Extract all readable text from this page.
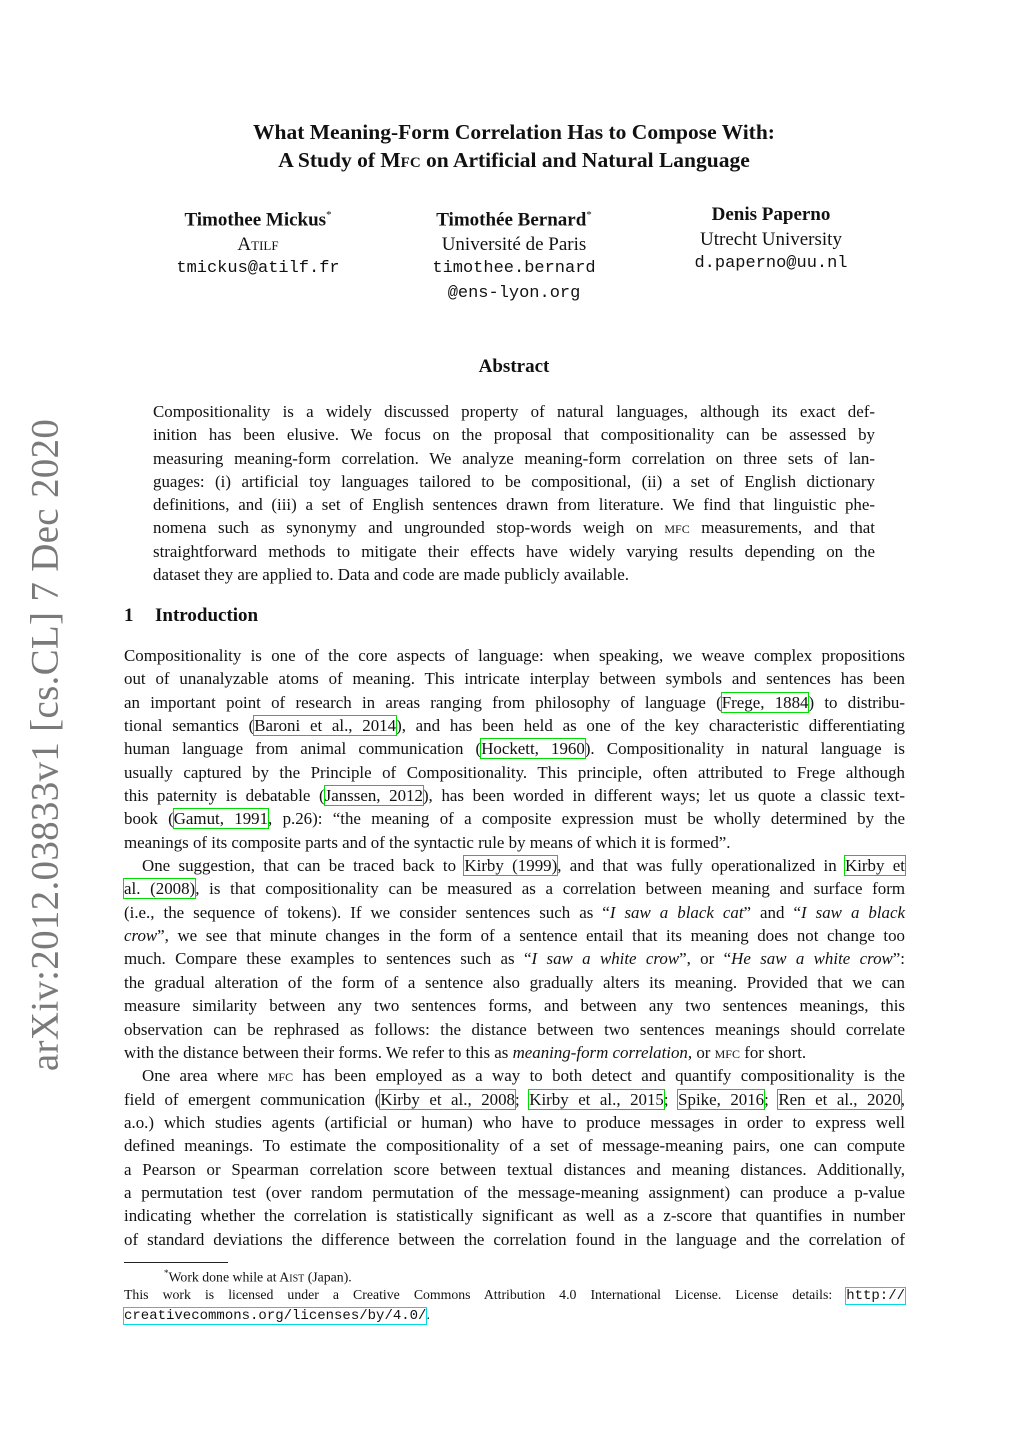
arXiv:2012.03833v1 [cs.CL] 7 Dec 2020
What Meaning-Form Correlation Has to Compose With:
A Study of Mfc on Artificial and Natural Language
Timothee Mickus*
Atilf
tmickus@atilf.fr
Timothée Bernard*
Université de Paris
timothee.bernard
@ens-lyon.org
Denis Paperno
Utrecht University
d.paperno@uu.nl
Abstract
Compositionality is a widely discussed property of natural languages, although its exact def-
inition has been elusive. We focus on the proposal that compositionality can be assessed by
measuring meaning-form correlation. We analyze meaning-form correlation on three sets of lan-
guages: (i) artificial toy languages tailored to be compositional, (ii) a set of English dictionary
definitions, and (iii) a set of English sentences drawn from literature. We find that linguistic phe-
nomena such as synonymy and ungrounded stop-words weigh on mfc measurements, and that
straightforward methods to mitigate their effects have widely varying results depending on the
dataset they are applied to. Data and code are made publicly available.
1 Introduction

Compositionality is one of the core aspects of language: when speaking, we weave complex propositions
out of unanalyzable atoms of meaning. This intricate interplay between symbols and sentences has been
an important point of research in areas ranging from philosophy of language (Frege, 1884) to distribu-
tional semantics (Baroni et al., 2014), and has been held as one of the key characteristic differentiating
human language from animal communication (Hockett, 1960). Compositionality in natural language is
usually captured by the Principle of Compositionality. This principle, often attributed to Frege although
this paternity is debatable (Janssen, 2012), has been worded in different ways; let us quote a classic text-
book (Gamut, 1991, p.26): “the meaning of a composite expression must be wholly determined by the
meanings of its composite parts and of the syntactic rule by means of which it is formed”.

One suggestion, that can be traced back to Kirby (1999), and that was fully operationalized in Kirby et
al. (2008), is that compositionality can be measured as a correlation between meaning and surface form
(i.e., the sequence of tokens). If we consider sentences such as “I saw a black cat” and “I saw a black
crow”, we see that minute changes in the form of a sentence entail that its meaning does not change too
much. Compare these examples to sentences such as “I saw a white crow”, or “He saw a white crow”:
the gradual alteration of the form of a sentence also gradually alters its meaning. Provided that we can
measure similarity between any two sentences forms, and between any two sentences meanings, this
observation can be rephrased as follows: the distance between two sentences meanings should correlate
with the distance between their forms. We refer to this as meaning-form correlation, or mfc for short.

One area where mfc has been employed as a way to both detect and quantify compositionality is the
field of emergent communication (Kirby et al., 2008; Kirby et al., 2015; Spike, 2016; Ren et al., 2020,
a.o.) which studies agents (artificial or human) who have to produce messages in order to express well
defined meanings. To estimate the compositionality of a set of message-meaning pairs, one can compute
a Pearson or Spearman correlation score between textual distances and meaning distances. Additionally,
a permutation test (over random permutation of the message-meaning assignment) can produce a p-value
indicating whether the correlation is statistically significant as well as a z-score that quantifies in number
of standard deviations the difference between the correlation found in the language and the correlation of

*Work done while at Aist (Japan).
This work is licensed under a Creative Commons Attribution 4.0 International License. License details: http://
creativecommons.org/licenses/by/4.0/.
